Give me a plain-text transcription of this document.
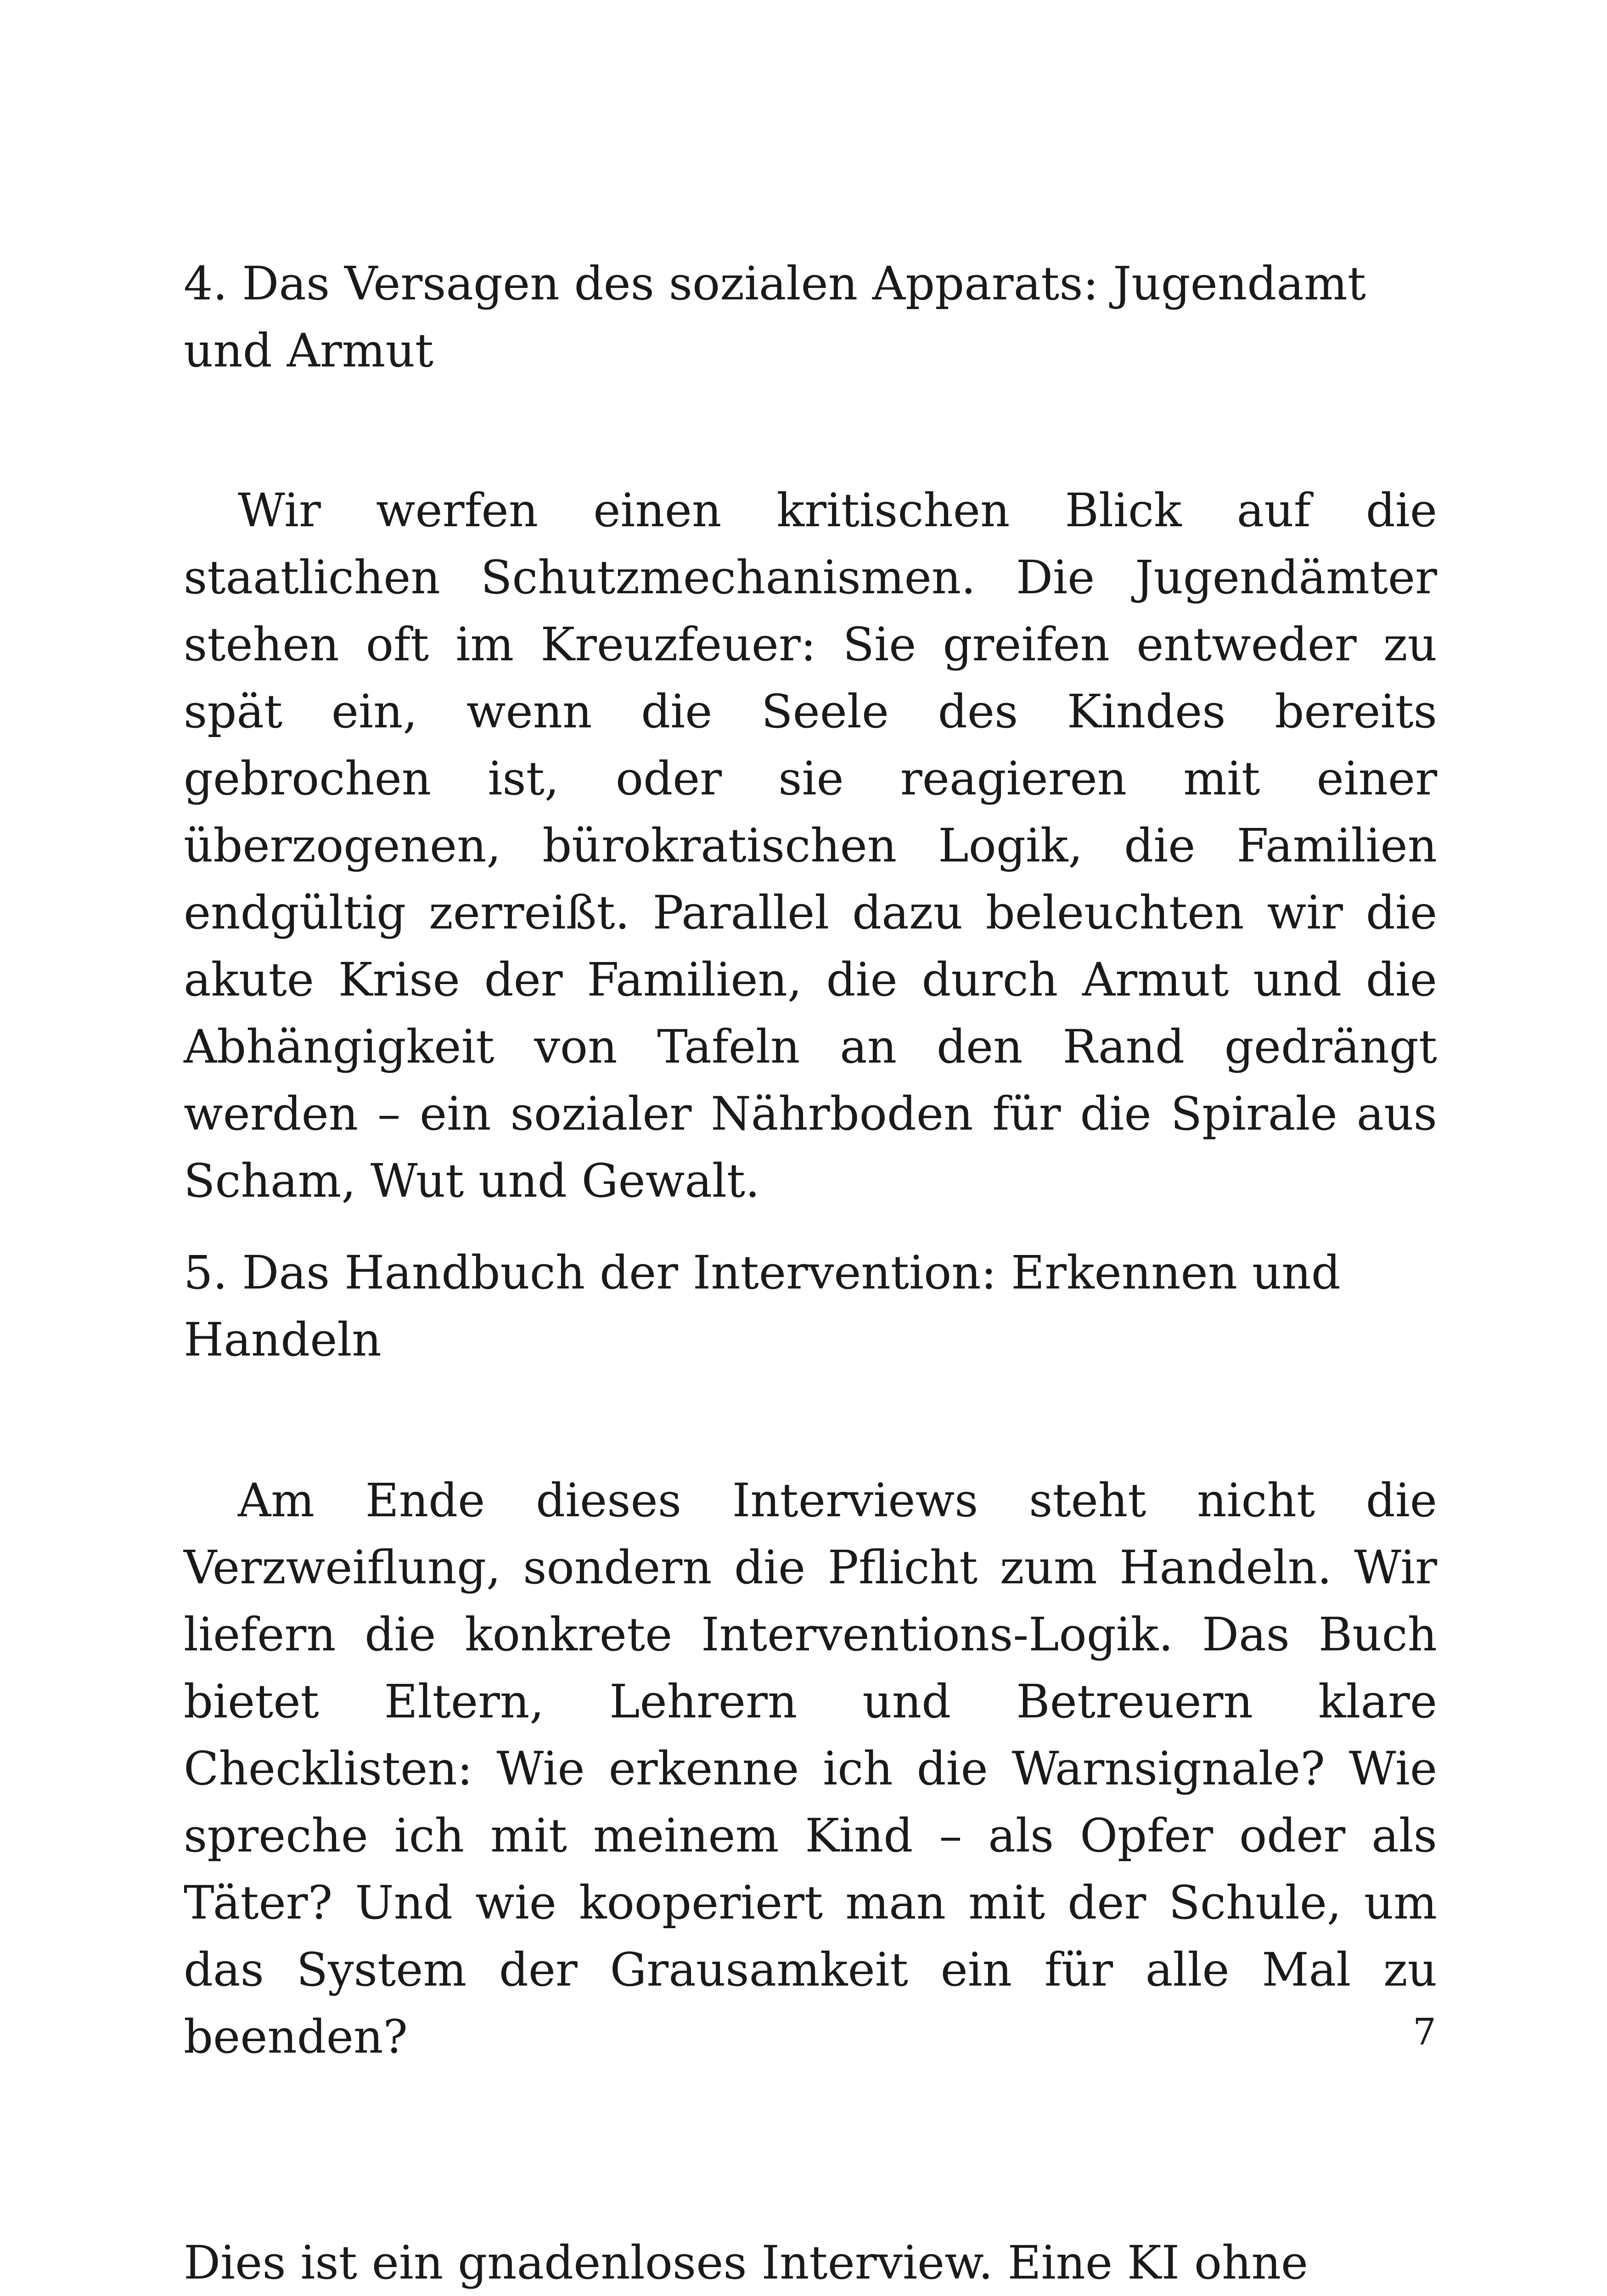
4. Das Versagen des sozialen Apparats: Jugendamt und Armut

Wir werfen einen kritischen Blick auf die staatlichen Schutzmechanismen. Die Jugendämter stehen oft im Kreuzfeuer: Sie greifen entweder zu spät ein, wenn die Seele des Kindes bereits gebrochen ist, oder sie reagieren mit einer überzogenen, bürokratischen Logik, die Familien endgültig zerreißt. Parallel dazu beleuchten wir die akute Krise der Familien, die durch Armut und die Abhängigkeit von Tafeln an den Rand gedrängt werden – ein sozialer Nährboden für die Spirale aus Scham, Wut und Gewalt.

5. Das Handbuch der Intervention: Erkennen und Handeln

Am Ende dieses Interviews steht nicht die Verzweiflung, sondern die Pflicht zum Handeln. Wir liefern die konkrete Interventions-Logik. Das Buch bietet Eltern, Lehrern und Betreuern klare Checklisten: Wie erkenne ich die Warnsignale? Wie spreche ich mit meinem Kind – als Opfer oder als Täter? Und wie kooperiert man mit der Schule, um das System der Grausamkeit ein für alle Mal zu beenden?

Dies ist ein gnadenloses Interview. Eine KI ohne

7
